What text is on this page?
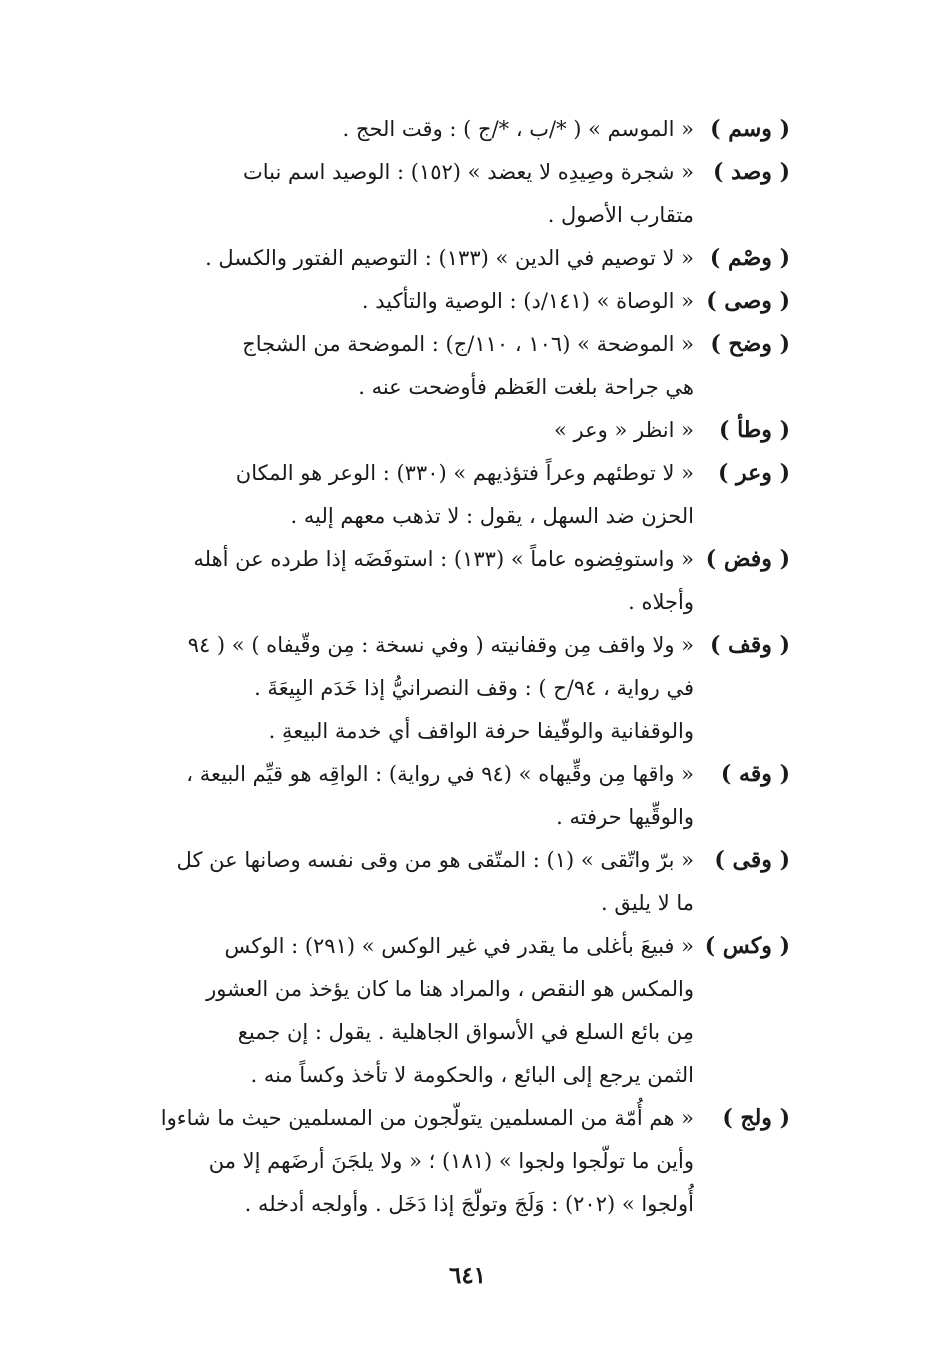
( وسم )
« الموسم » ( */ب ، */ج ) : وقت الحج .
( وصد )
« شجرة وصِيدِه لا يعضد » (١٥٢) : الوصيد اسم نبات
متقارب الأصول .
( وصْم )
« لا توصيم في الدين » (١٣٣) : التوصيم الفتور والكسل .
( وصى )
« الوصاة » (١٤١/د) : الوصية والتأكيد .
( وضح )
« الموضحة » (١٠٦ ، ١١٠/ج) : الموضحة من الشجاج
هي جراحة بلغت العَظم فأوضحت عنه .
( وطأ )
« انظر « وعر »
( وعر )
« لا توطئهم وعراً فتؤذيهم » (٣٣٠) : الوعر هو المكان
الحزن ضد السهل ، يقول : لا تذهب معهم إليه .
( وفض )
« واستوفِضوه عاماً » (١٣٣) : استوفَضَه إذا طرده عن أهله
وأجلاه .
( وقف )
« ولا واقف مِن وقفانيته ( وفي نسخة : مِن وقّيفاه ) » ( ٩٤
في رواية ، ٩٤/ح ) : وقف النصرانيُّ إذا خَدَم البِيعَةَ .
والوقفانية والوقّيفا حرفة الواقف أي خدمة البيعةِ .
( وقه )
« واقها مِن وقِّيهاه » (٩٤ في رواية) : الواقِه هو قيِّم البيعة ،
والوقِّيها حرفته .
( وقى )
« برّ واتّقى » (١) : المتّقى هو من وقى نفسه وصانها عن كل
ما لا يليق .
( وكس )
« فبيعَ بأغلى ما يقدر في غير الوكس » (٢٩١) : الوكس
والمكس هو النقص ، والمراد هنا ما كان يؤخذ من العشور
مِن بائع السلع في الأسواق الجاهلية . يقول : إن جميع
الثمن يرجع إلى البائع ، والحكومة لا تأخذ وكساً منه .
( ولج )
« هم أُمّة من المسلمين يتولّجون من المسلمين حيث ما شاءوا
وأين ما تولّجوا ولجوا » (١٨١) ؛ « ولا يلجَنَ أرضَهم إلا من
أُولجوا » (٢٠٢) : وَلَجَ وتولّجَ إذا دَخَل . وأولجه أدخله .
٦٤١
